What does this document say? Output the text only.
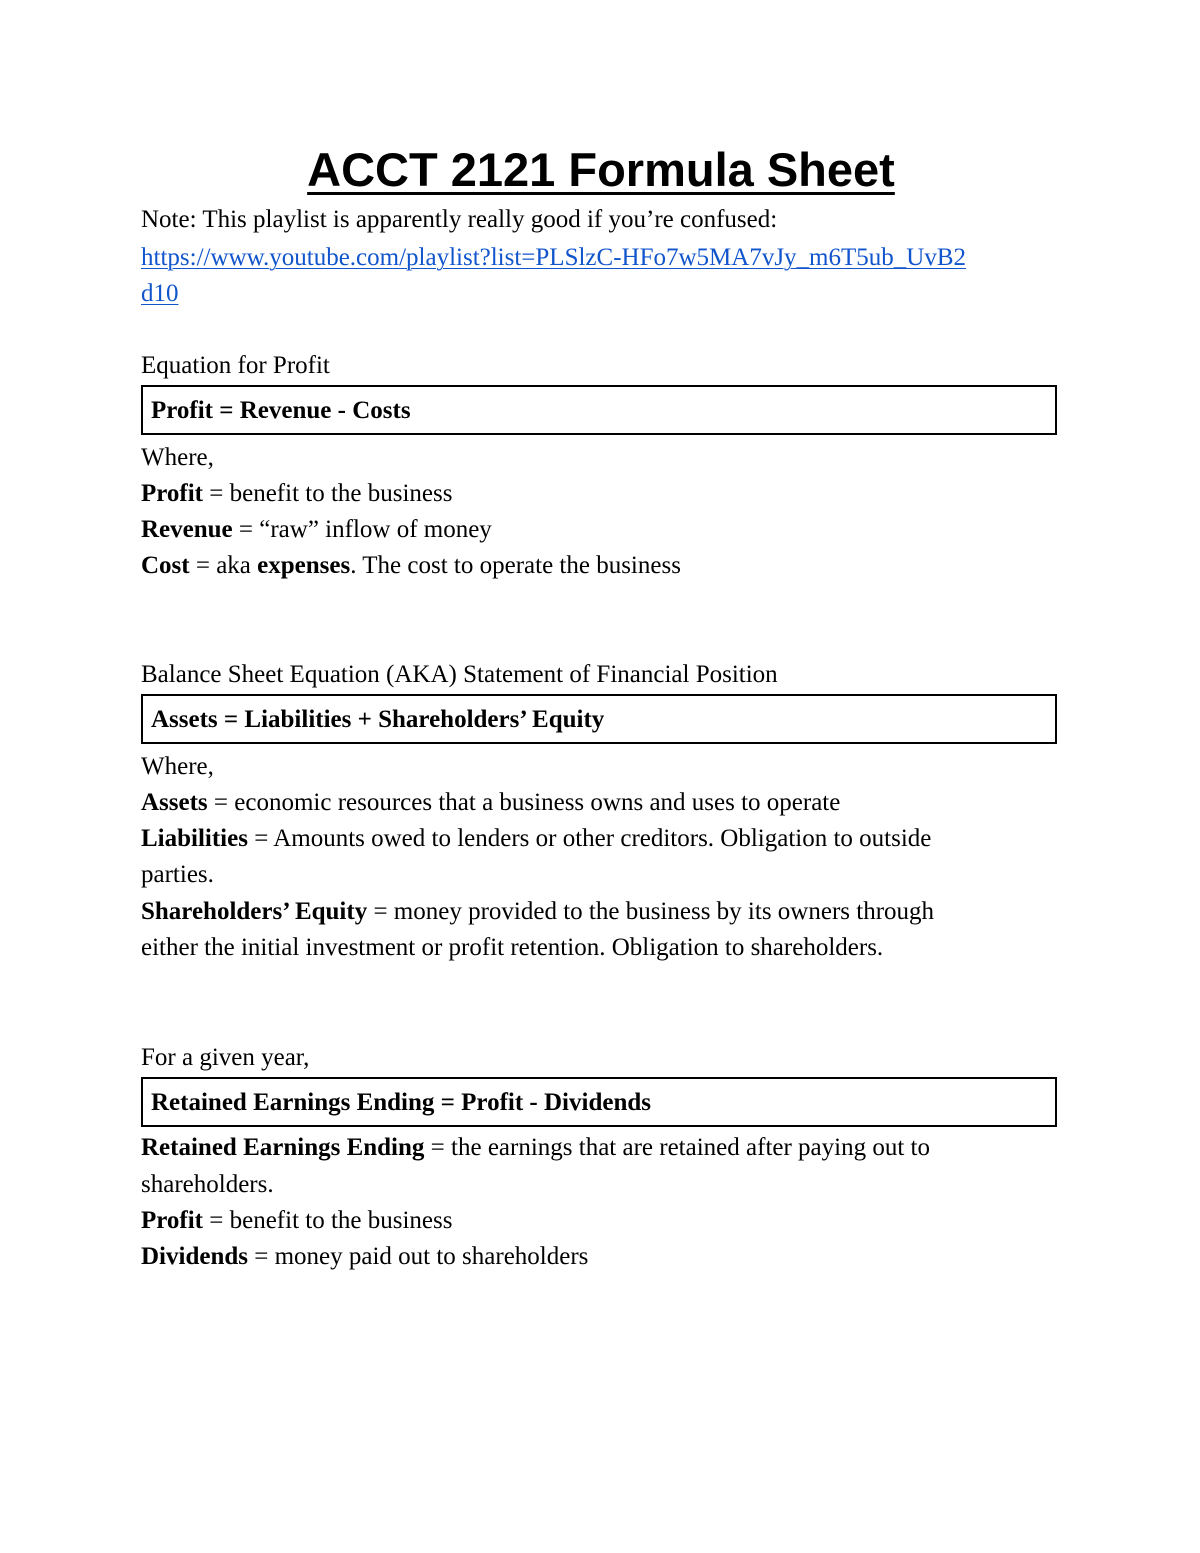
ACCT 2121 Formula Sheet
Note: This playlist is apparently really good if you’re confused:
https://www.youtube.com/playlist?list=PLSlzC-HFo7w5MA7vJy_m6T5ub_UvB2
d10
Equation for Profit
Profit = Revenue - Costs
Where,
Profit = benefit to the business
Revenue = “raw” inflow of money
Cost = aka expenses. The cost to operate the business
Balance Sheet Equation (AKA) Statement of Financial Position
Assets = Liabilities + Shareholders’ Equity
Where,
Assets = economic resources that a business owns and uses to operate
Liabilities = Amounts owed to lenders or other creditors. Obligation to outside
parties.
Shareholders’ Equity = money provided to the business by its owners through
either the initial investment or profit retention. Obligation to shareholders.
For a given year,
Retained Earnings Ending = Profit - Dividends
Retained Earnings Ending = the earnings that are retained after paying out to
shareholders.
Profit = benefit to the business
Dividends = money paid out to shareholders
